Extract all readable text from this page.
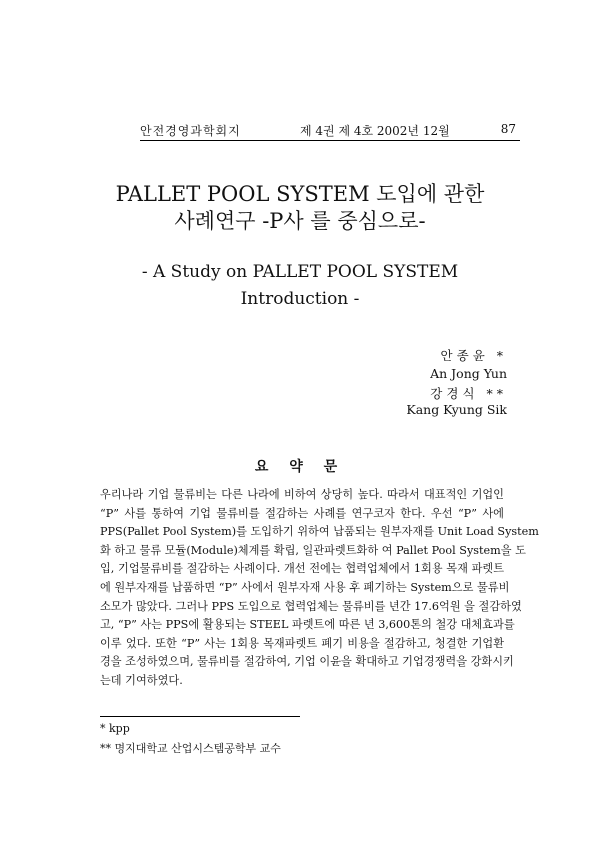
안전경영과학회지	제 4권 제 4호 2002년 12월	87
PALLET POOL SYSTEM 도입에 관한
사례연구 -P사 를 중심으로-
- A Study on PALLET POOL SYSTEM
Introduction -
안종윤 *
An Jong Yun
강경식 **
Kang Kyung Sik
요 약 문
우리나라 기업 물류비는 다른 나라에 비하여 상당히 높다. 따라서 대표적인 기업인
“P” 사를 통하여 기업 물류비를 절감하는 사례를 연구코자 한다. 우선 “P” 사에
PPS(Pallet Pool System)를 도입하기 위하여 납품되는 원부자재를 Unit Load System
화 하고 물류 모듈(Module)체계를 확립, 일관파렛트화하 여 Pallet Pool System을 도
입, 기업물류비를 절감하는 사례이다. 개선 전에는 협력업체에서 1회용 목재 파렛트
에 원부자재를 납품하면 “P” 사에서 원부자재 사용 후 폐기하는 System으로 물류비
소모가 많았다. 그러나 PPS 도입으로 협력업체는 물류비를 년간 17.6억원 을 절감하였
고, “P” 사는 PPS에 활용되는 STEEL 파렛트에 따른 년 3,600톤의 철강 대체효과를
이루 었다. 또한 “P” 사는 1회용 목재파렛트 폐기 비용을 절감하고, 청결한 기업환
경을 조성하였으며, 물류비를 절감하여, 기업 이윤을 확대하고 기업경쟁력을 강화시키
는데 기여하였다.
* kpp
** 명지대학교 산업시스템공학부 교수
